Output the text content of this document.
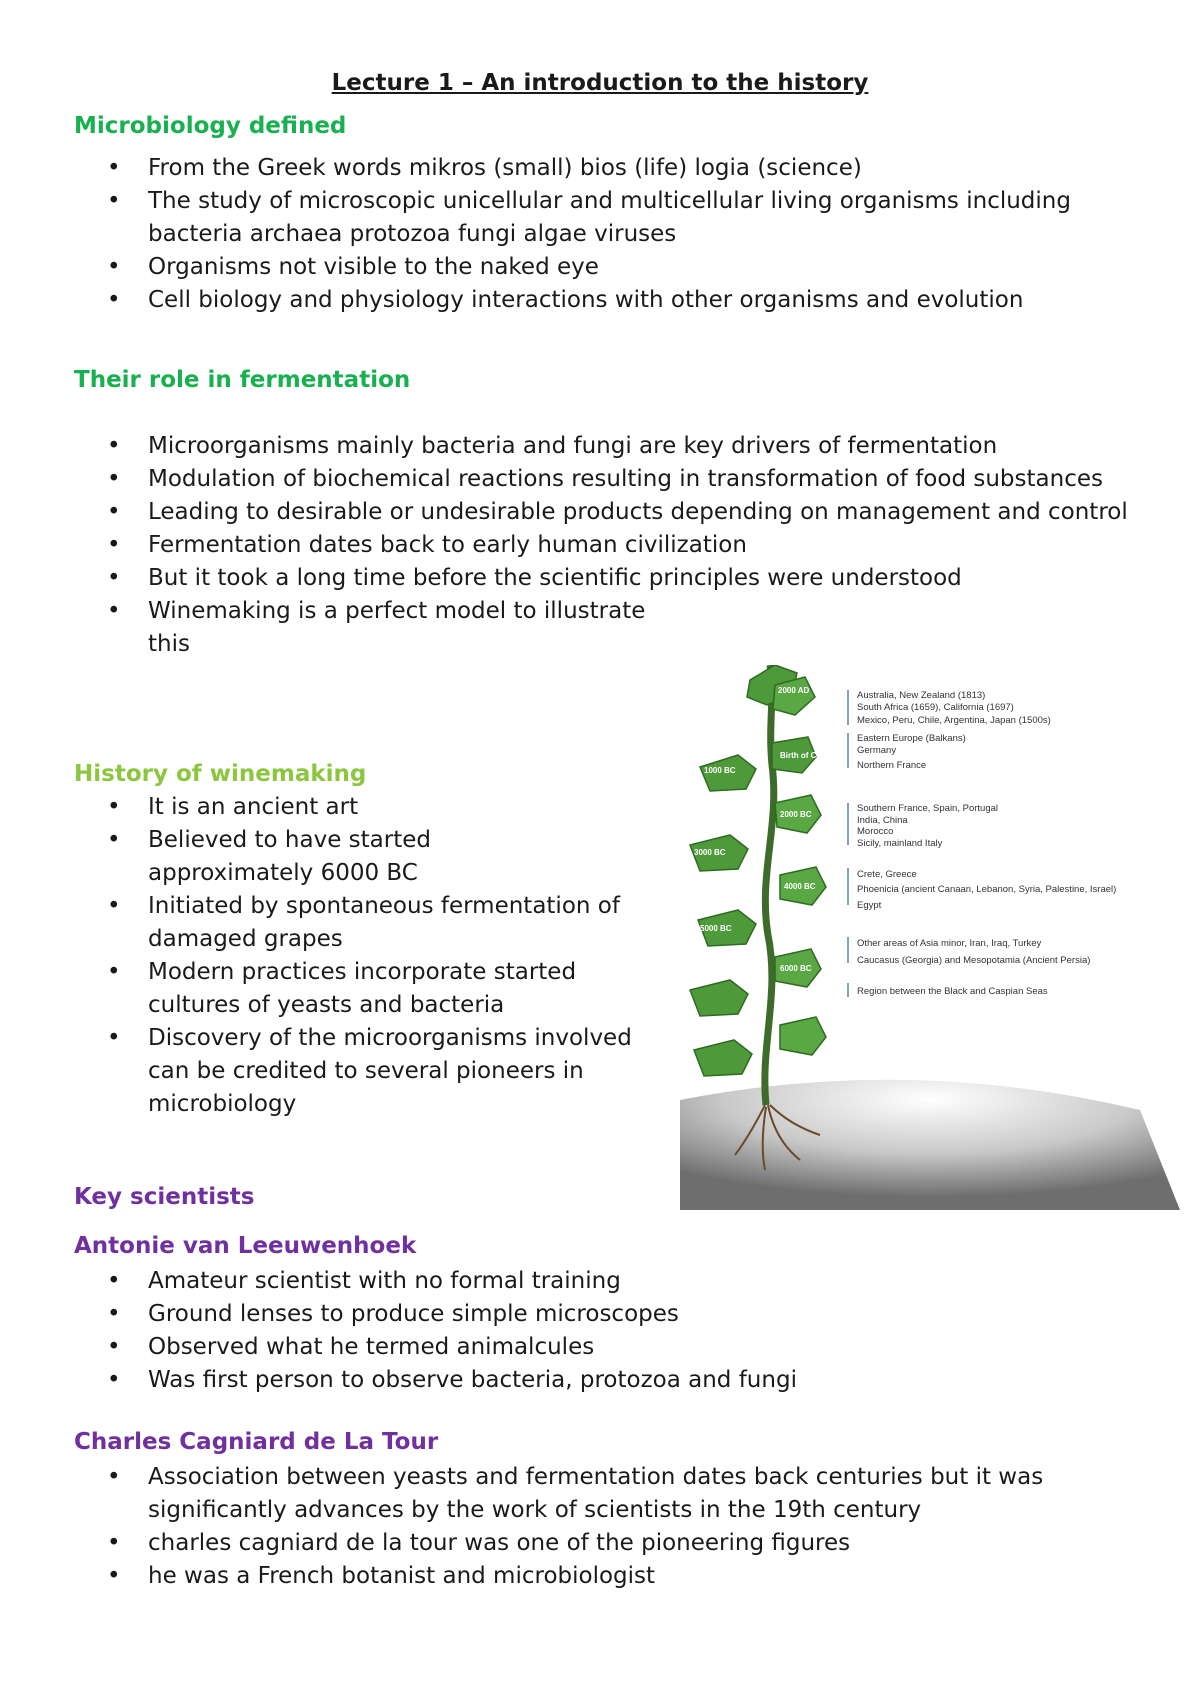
Lecture 1 – An introduction to the history
Microbiology defined
• From the Greek words mikros (small) bios (life) logia (science)
• The study of microscopic unicellular and multicellular living organisms including bacteria archaea protozoa fungi algae viruses
• Organisms not visible to the naked eye
• Cell biology and physiology interactions with other organisms and evolution
Their role in fermentation
• Microorganisms mainly bacteria and fungi are key drivers of fermentation
• Modulation of biochemical reactions resulting in transformation of food substances
• Leading to desirable or undesirable products depending on management and control
• Fermentation dates back to early human civilization
• But it took a long time before the scientific principles were understood
• Winemaking is a perfect model to illustrate this
History of winemaking
• It is an ancient art
• Believed to have started approximately 6000 BC
• Initiated by spontaneous fermentation of damaged grapes
• Modern practices incorporate started cultures of yeasts and bacteria
• Discovery of the microorganisms involved can be credited to several pioneers in microbiology
2000 AD
1000 AD
Birth of Christ
1000 BC
2000 BC
3000 BC
4000 BC
5000 BC
6000 BC
Australia, New Zealand (1813)
South Africa (1659), California (1697)
Mexico, Peru, Chile, Argentina, Japan (1500s)
Eastern Europe (Balkans)
Germany
Northern France
Southern France, Spain, Portugal
India, China
Morocco
Sicily, mainland Italy
Crete, Greece
Phoenicia (ancient Canaan, Lebanon, Syria, Palestine, Israel)
Egypt
Other areas of Asia minor, Iran, Iraq, Turkey
Caucasus (Georgia) and Mesopotamia (Ancient Persia)
Region between the Black and Caspian Seas
Key scientists
Antonie van Leeuwenhoek
• Amateur scientist with no formal training
• Ground lenses to produce simple microscopes
• Observed what he termed animalcules
• Was first person to observe bacteria, protozoa and fungi
Charles Cagniard de La Tour
• Association between yeasts and fermentation dates back centuries but it was significantly advances by the work of scientists in the 19th century
• charles cagniard de la tour was one of the pioneering figures
• he was a French botanist and microbiologist
